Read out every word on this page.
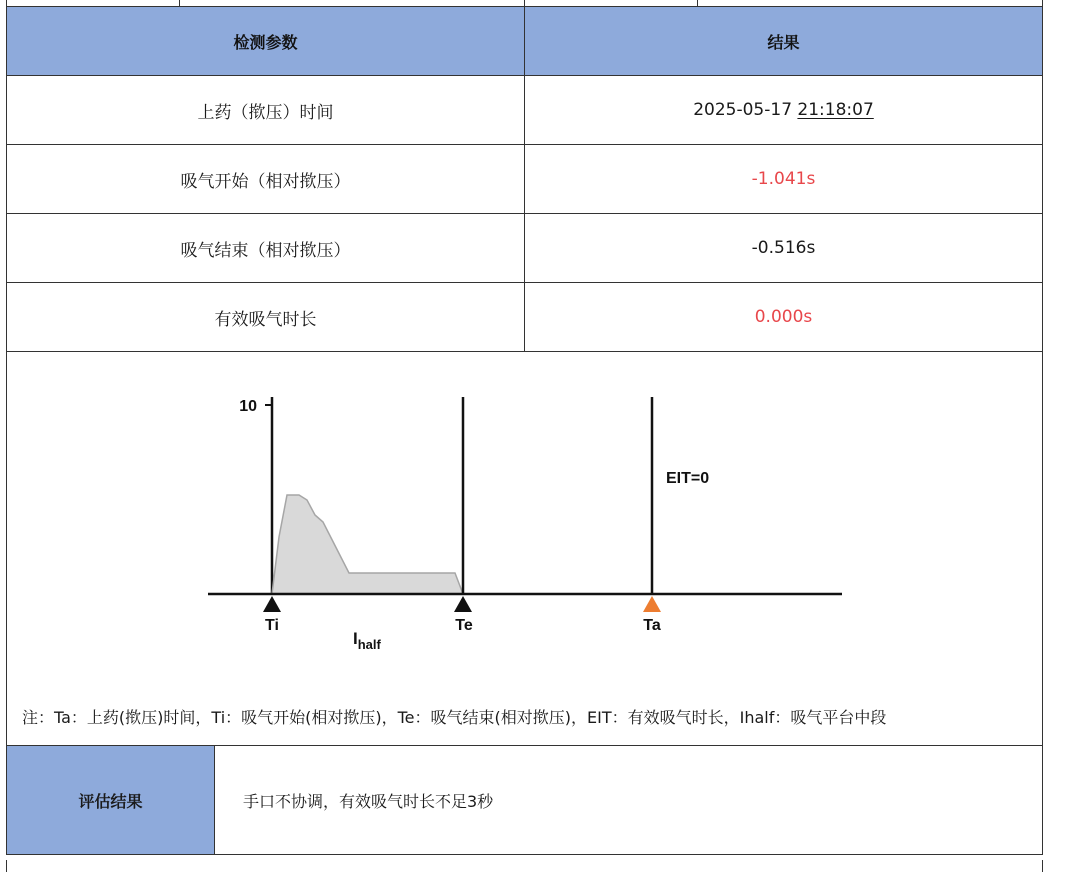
检测参数	结果
上药（揿压）时间	2025-05-17
21:18:07
吸气开始（相对揿压）	-1.041s
吸气结束（相对揿压）	-0.516s
有效吸气时长	0.000s
10
Ti	Te	Ta
$I_{half}$
EIT=0
注：Ta：上药(揿压)时间，Ti：吸气开始(相对揿压)，Te：吸气结束(相对揿压)，EIT：有效吸气时长，Ihalf：吸气平台中段
评估结果	手口不协调，有效吸气时长不足3秒
